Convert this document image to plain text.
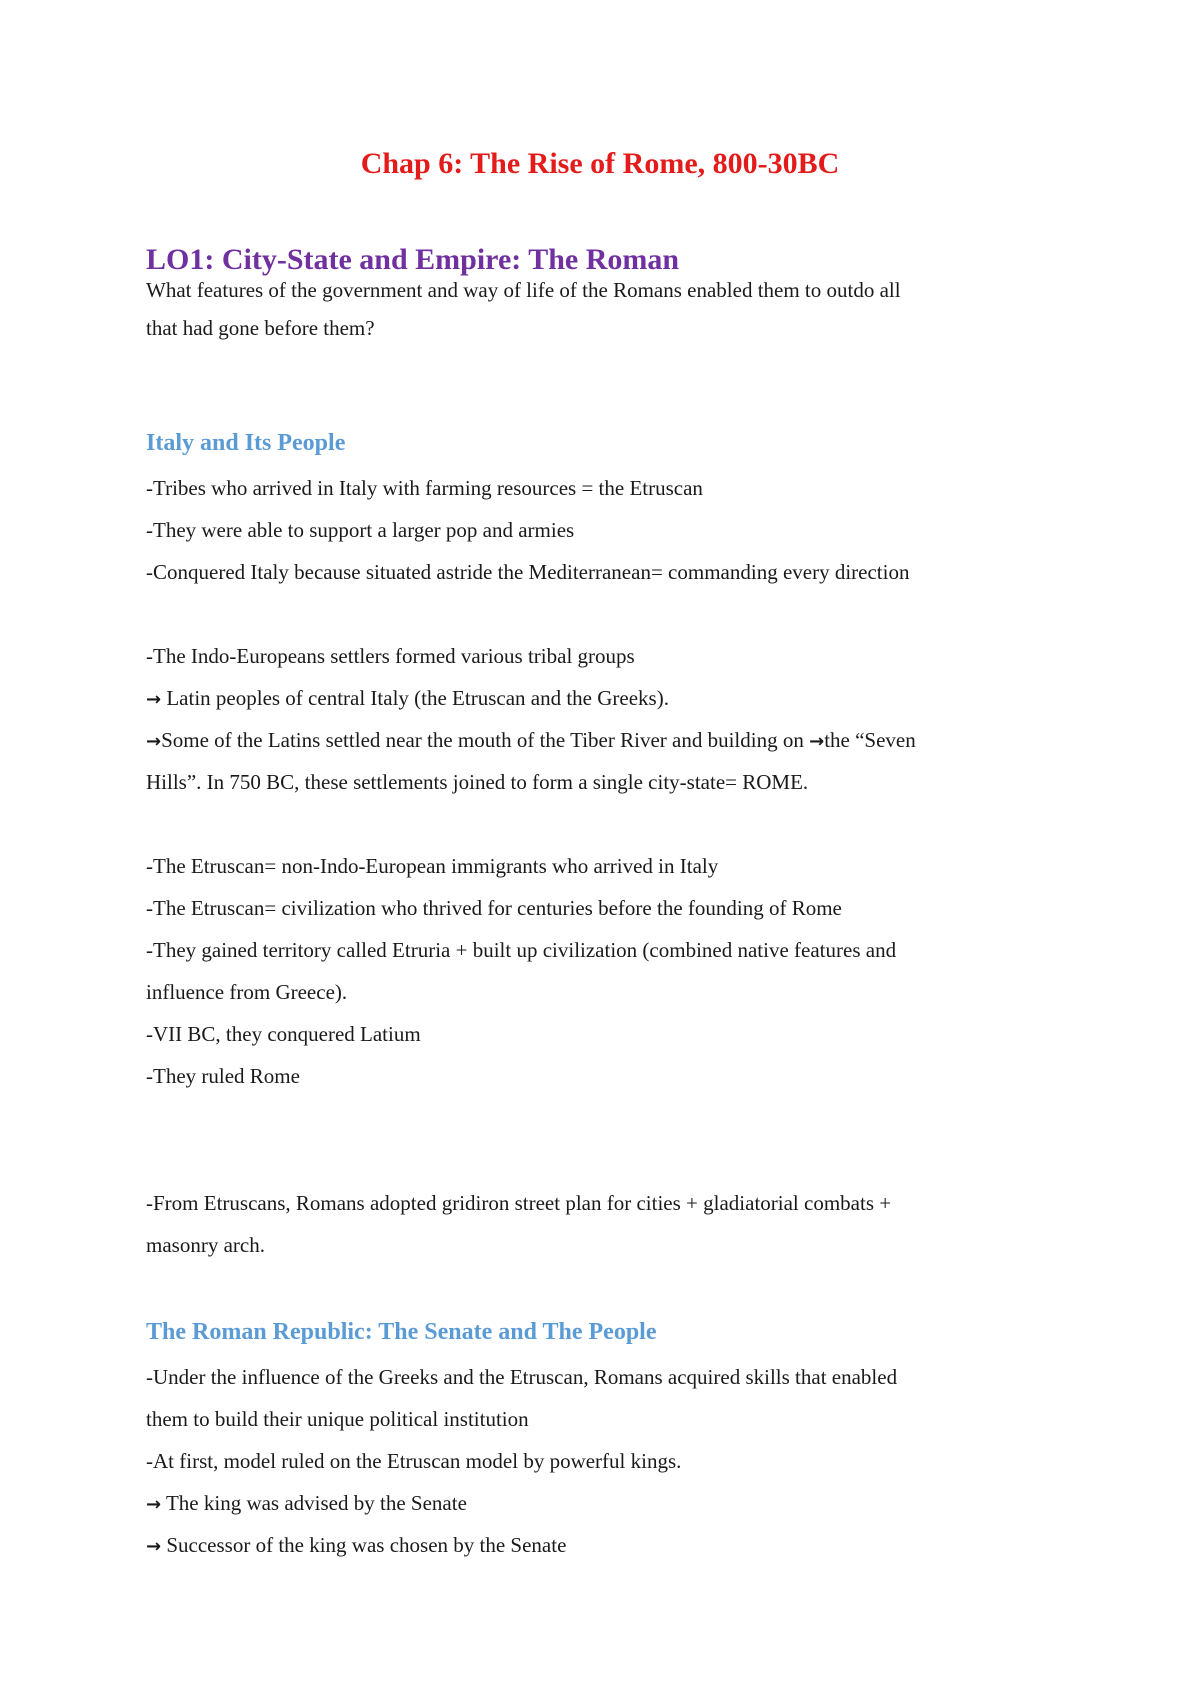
Chap 6: The Rise of Rome, 800-30BC
LO1: City-State and Empire: The Roman

What features of the government and way of life of the Romans enabled them to outdo all

that had gone before them?

Italy and Its People

-Tribes who arrived in Italy with farming resources = the Etruscan

-They were able to support a larger pop and armies

-Conquered Italy because situated astride the Mediterranean= commanding every direction

-The Indo-Europeans settlers formed various tribal groups

→ Latin peoples of central Italy (the Etruscan and the Greeks).

→Some of the Latins settled near the mouth of the Tiber River and building on →the “Seven

Hills”. In 750 BC, these settlements joined to form a single city-state= ROME.

-The Etruscan= non-Indo-European immigrants who arrived in Italy

-The Etruscan= civilization who thrived for centuries before the founding of Rome

-They gained territory called Etruria + built up civilization (combined native features and

influence from Greece).

-VII BC, they conquered Latium

-They ruled Rome

-From Etruscans, Romans adopted gridiron street plan for cities + gladiatorial combats +

masonry arch.

The Roman Republic: The Senate and The People

-Under the influence of the Greeks and the Etruscan, Romans acquired skills that enabled

them to build their unique political institution

-At first, model ruled on the Etruscan model by powerful kings.

→ The king was advised by the Senate

→ Successor of the king was chosen by the Senate
